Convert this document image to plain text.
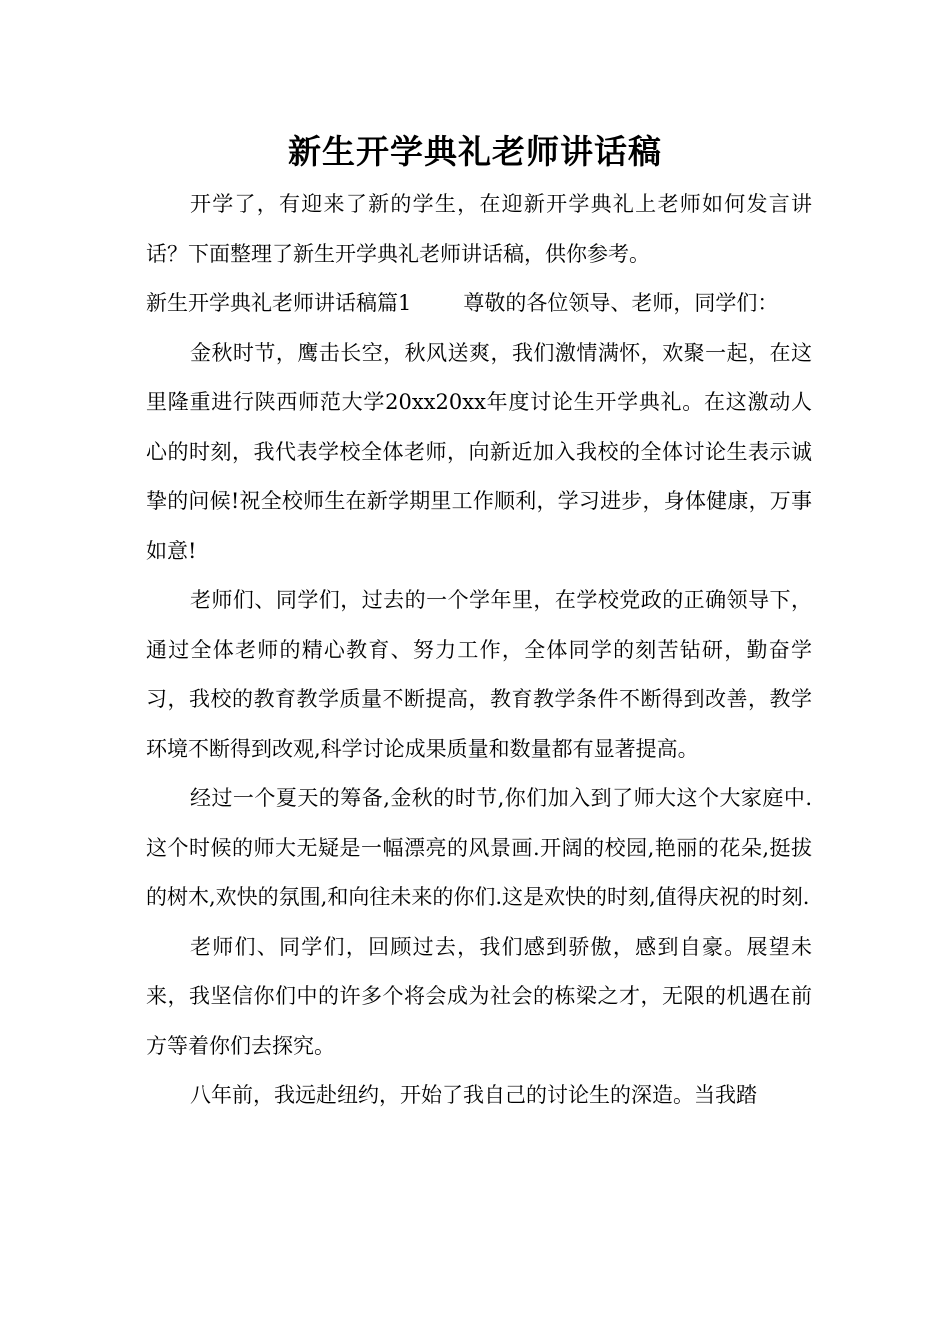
新生开学典礼老师讲话稿

开学了，有迎来了新的学生，在迎新开学典礼上老师如何发言讲话？下面整理了新生开学典礼老师讲话稿，供你参考。

新生开学典礼老师讲话稿篇1 尊敬的各位领导、老师，同学们：

金秋时节，鹰击长空，秋风送爽，我们激情满怀，欢聚一起，在这里隆重进行陕西师范大学20xx20xx年度讨论生开学典礼。在这激动人心的时刻，我代表学校全体老师，向新近加入我校的全体讨论生表示诚挚的问候!祝全校师生在新学期里工作顺利，学习进步，身体健康，万事如意!

老师们、同学们，过去的一个学年里，在学校党政的正确领导下，通过全体老师的精心教育、努力工作，全体同学的刻苦钻研，勤奋学习，我校的教育教学质量不断提高，教育教学条件不断得到改善，教学环境不断得到改观,科学讨论成果质量和数量都有显著提高。

经过一个夏天的筹备,金秋的时节,你们加入到了师大这个大家庭中.这个时候的师大无疑是一幅漂亮的风景画.开阔的校园,艳丽的花朵,挺拔的树木,欢快的氛围,和向往未来的你们.这是欢快的时刻,值得庆祝的时刻.

老师们、同学们，回顾过去，我们感到骄傲，感到自豪。展望未来，我坚信你们中的许多个将会成为社会的栋梁之才，无限的机遇在前方等着你们去探究。

八年前，我远赴纽约，开始了我自己的讨论生的深造。当我踏
